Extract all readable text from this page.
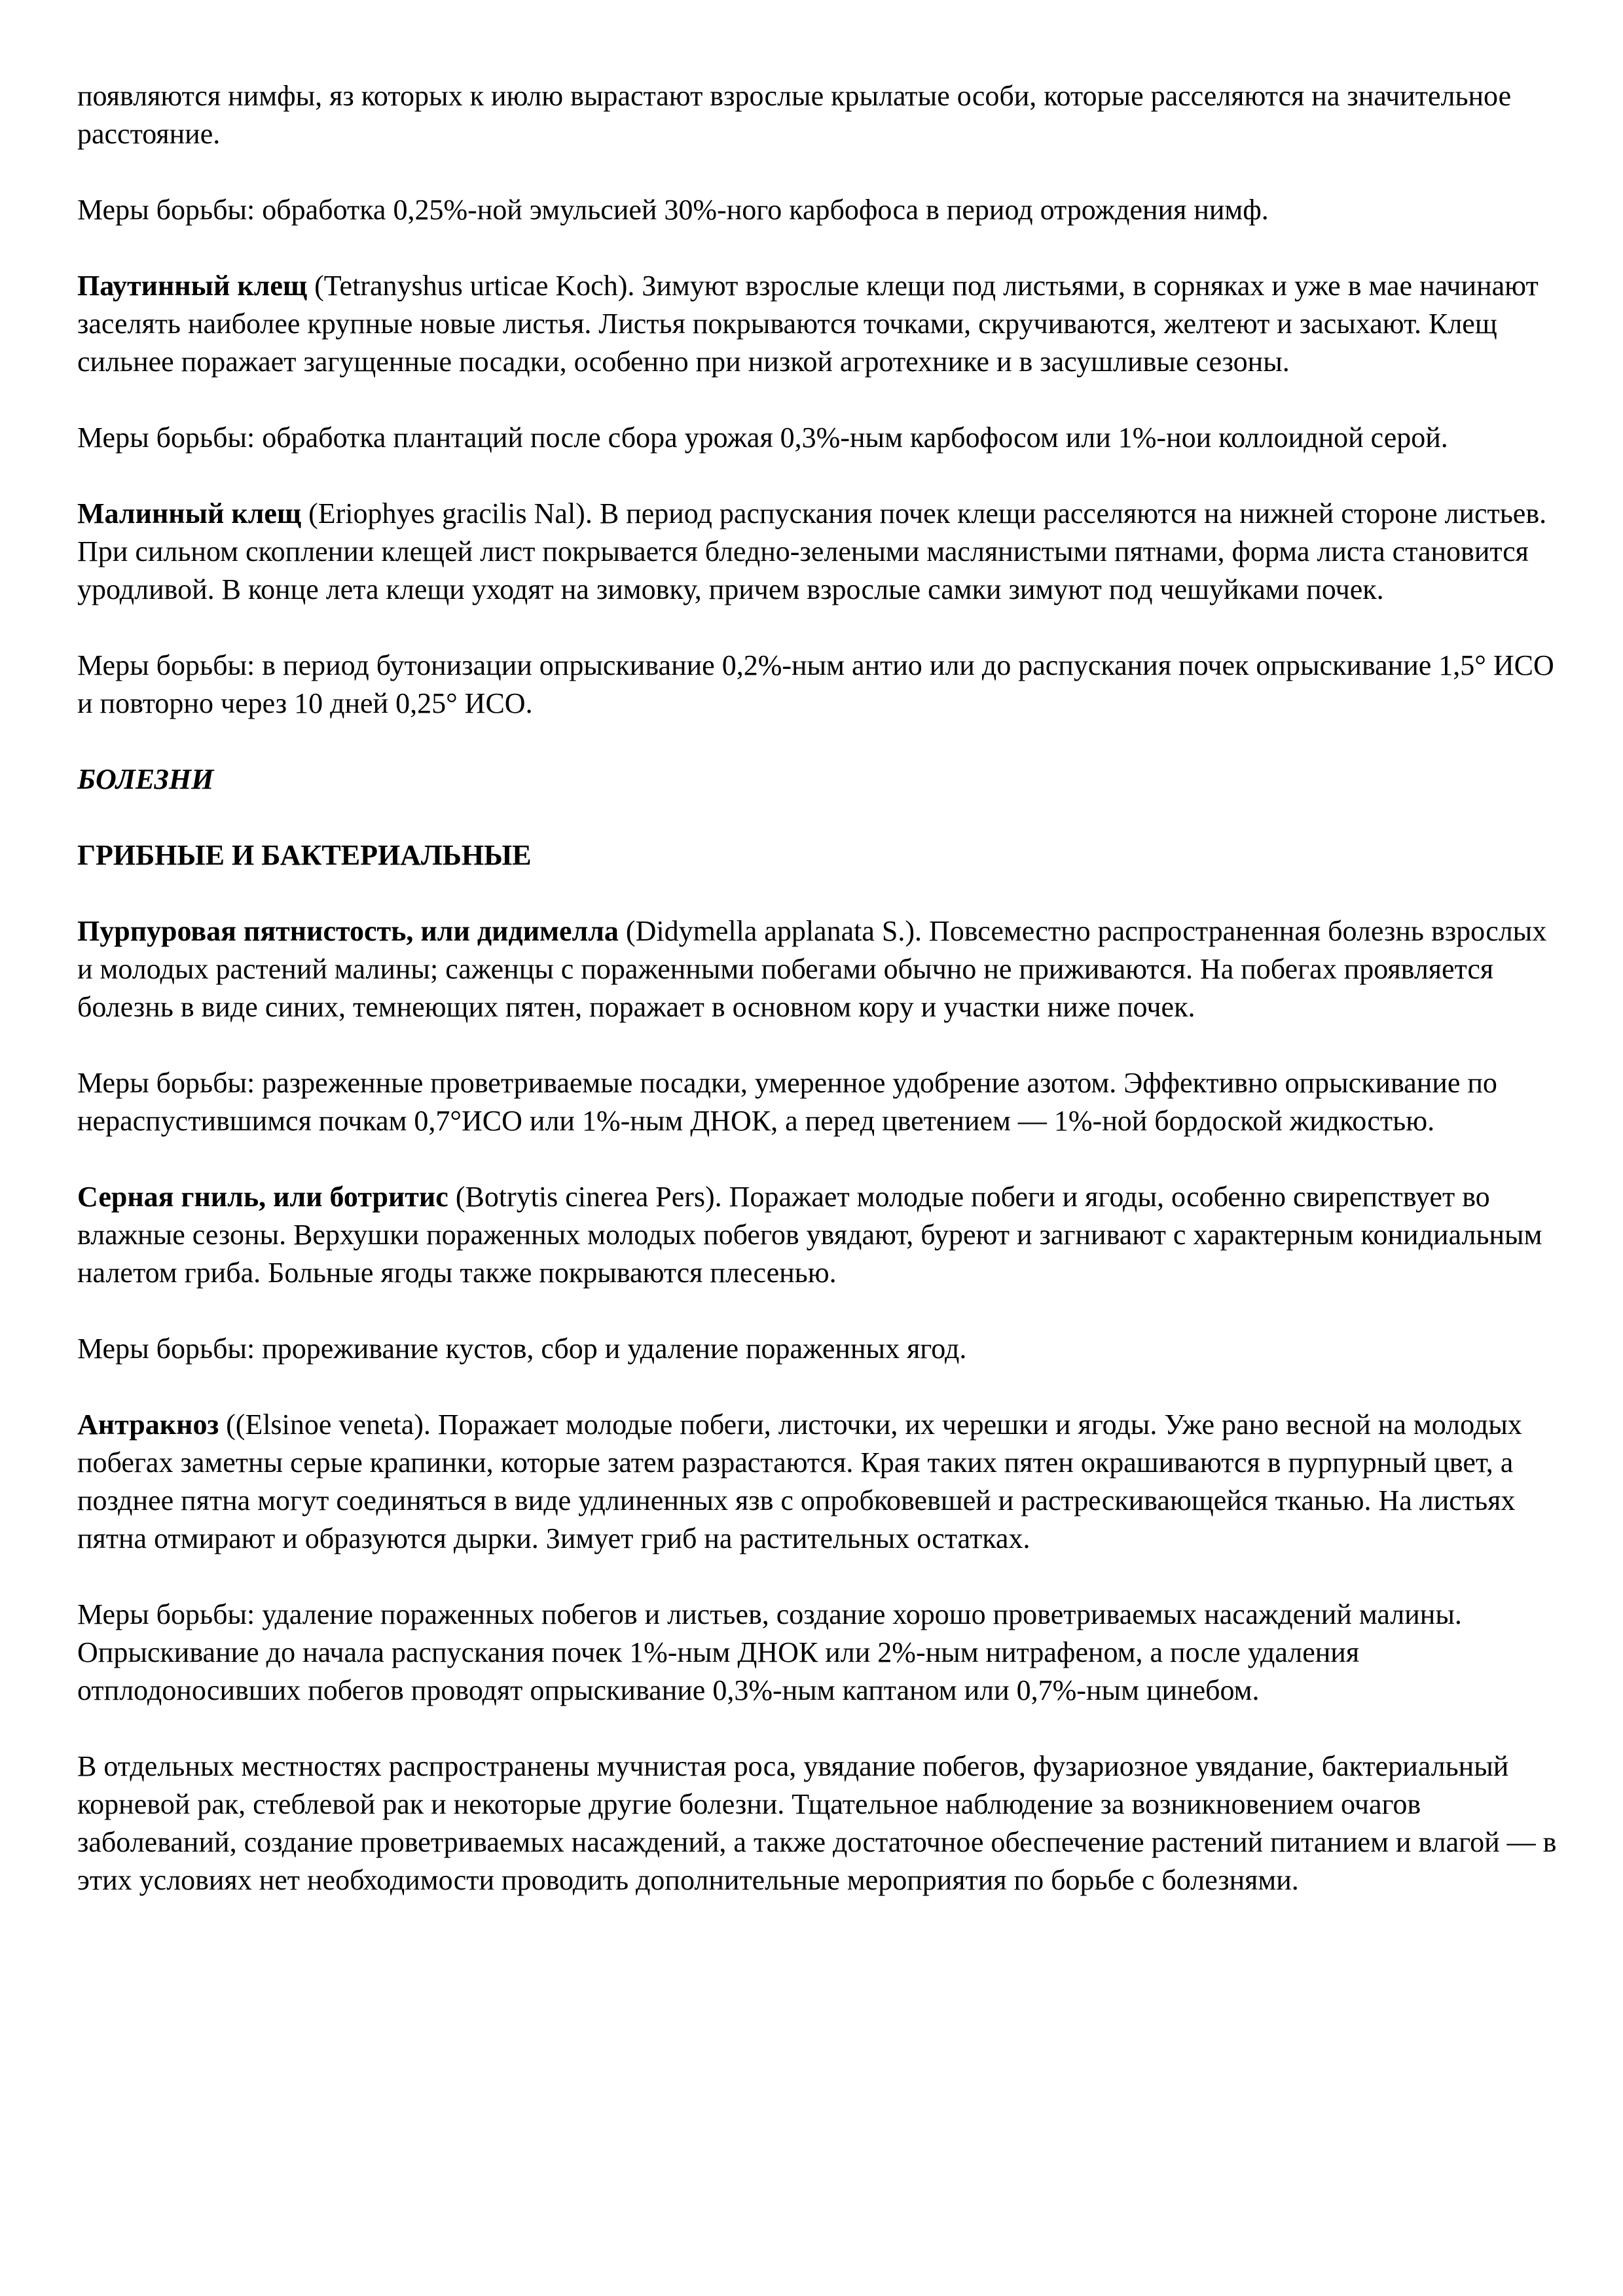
появляются нимфы, яз которых к июлю вырастают взрослые крылатые особи, которые расселяются на значительное расстояние.

Меры борьбы: обработка 0,25%-ной эмульсией 30%-ного карбофоса в период отрождения нимф.

Паутинный клещ (Tetranyshus urticae Koch). Зимуют взрослые клещи под листьями, в сорняках и уже в мае начинают заселять наиболее крупные новые листья. Листья покрываются точками, скручиваются, желтеют и засыхают. Клещ сильнее поражает загущенные посадки, особенно при низкой агротехнике и в засушливые сезоны.

Меры борьбы: обработка плантаций после сбора урожая 0,3%-ным карбофосом или 1%-нои коллоидной серой.

Малинный клещ (Eriophyes gracilis Nal). В период распускания почек клещи расселяются на нижней стороне листьев. При сильном скоплении клещей лист покрывается бледно-зелеными маслянистыми пятнами, форма листа становится уродливой. В конце лета клещи уходят на зимовку, причем взрослые самки зимуют под чешуйками почек.

Меры борьбы: в период бутонизации опрыскивание 0,2%-ным антио или до распускания почек опрыскивание 1,5° ИСО и повторно через 10 дней 0,25° ИСО.

БОЛЕЗНИ

ГРИБНЫЕ И БАКТЕРИАЛЬНЫЕ

Пурпуровая пятнистость, или дидимелла (Didymella applanata S.). Повсеместно распространенная болезнь взрослых и молодых растений малины; саженцы с пораженными побегами обычно не приживаются. На побегах проявляется болезнь в виде синих, темнеющих пятен, поражает в основном кору и участки ниже почек.

Меры борьбы: разреженные проветриваемые посадки, умеренное удобрение азотом. Эффективно опрыскивание по нераспустившимся почкам 0,7°ИСО или 1%-ным ДНОК, а перед цветением — 1%-ной бордоской жидкостью.

Серная гниль, или ботритис (Botrytis cinerea Pers). Поражает молодые побеги и ягоды, особенно свирепствует во влажные сезоны. Верхушки пораженных молодых побегов увядают, буреют и загнивают с характерным конидиальным налетом гриба. Больные ягоды также покрываются плесенью.

Меры борьбы: прореживание кустов, сбор и удаление пораженных ягод.

Антракноз ((Elsinoe veneta). Поражает молодые побеги, листочки, их черешки и ягоды. Уже рано весной на молодых побегах заметны серые крапинки, которые затем разрастаются. Края таких пятен окрашиваются в пурпурный цвет, а позднее пятна могут соединяться в виде удлиненных язв с опробковевшей и растрескивающейся тканью. На листьях пятна отмирают и образуются дырки. Зимует гриб на растительных остатках.

Меры борьбы: удаление пораженных побегов и листьев, создание хорошо проветриваемых насаждений малины. Опрыскивание до начала распускания почек 1%-ным ДНОК или 2%-ным нитрафеном, а после удаления отплодоносивших побегов проводят опрыскивание 0,3%-ным каптаном или 0,7%-ным цинебом.

В отдельных местностях распространены мучнистая роса, увядание побегов, фузариозное увядание, бактериальный корневой рак, стеблевой рак и некоторые другие болезни. Тщательное наблюдение за возникновением очагов заболеваний, создание проветриваемых насаждений, а также достаточное обеспечение растений питанием и влагой — в этих условиях нет необходимости проводить дополнительные мероприятия по борьбе с болезнями.
